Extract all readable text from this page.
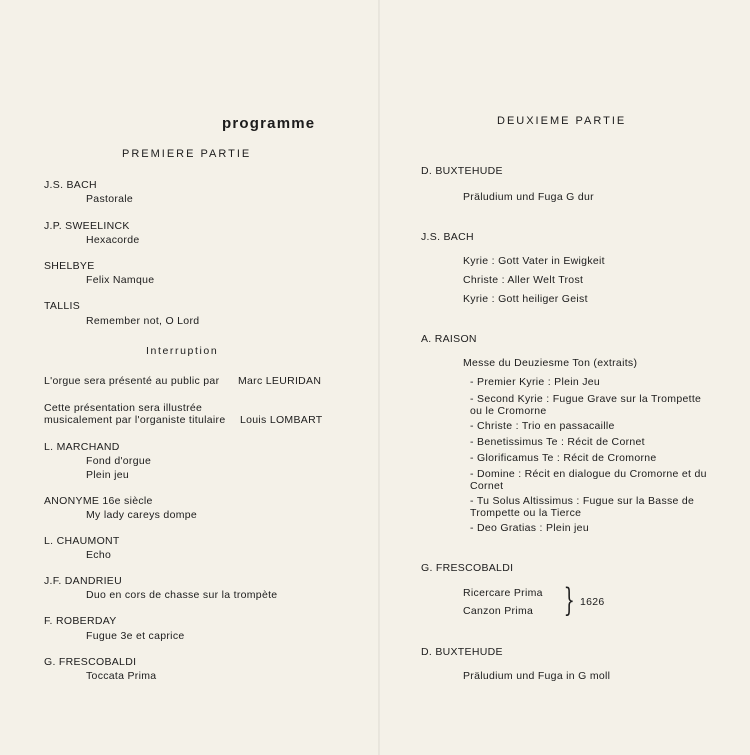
programme
PREMIERE PARTIE
J.S. BACH
Pastorale
J.P. SWEELINCK
Hexacorde
SHELBYE
Felix Namque
TALLIS
Remember not, O Lord
Interruption
L'orgue sera présenté au public par Marc LEURIDAN
Cette présentation sera illustrée
musicalement par l'organiste titulaire Louis LOMBART
L. MARCHAND
Fond d'orgue
Plein jeu
ANONYME 16e siècle
My lady careys dompe
L. CHAUMONT
Echo
J.F. DANDRIEU
Duo en cors de chasse sur la trompète
F. ROBERDAY
Fugue 3e et caprice
G. FRESCOBALDI
Toccata Prima
DEUXIEME PARTIE
D. BUXTEHUDE
Präludium und Fuga G dur
J.S. BACH
Kyrie : Gott Vater in Ewigkeit
Christe : Aller Welt Trost
Kyrie : Gott heiliger Geist
A. RAISON
Messe du Deuziesme Ton (extraits)
- Premier Kyrie : Plein Jeu
- Second Kyrie : Fugue Grave sur la Trompette ou le Cromorne
- Christe : Trio en passacaille
- Benetissimus Te : Récit de Cornet
- Glorificamus Te : Récit de Cromorne
- Domine : Récit en dialogue du Cromorne et du Cornet
- Tu Solus Altissimus : Fugue sur la Basse de Trompette ou la Tierce
- Deo Gratias : Plein jeu
G. FRESCOBALDI
Ricercare Prima
Canzon Prima } 1626
D. BUXTEHUDE
Präludium und Fuga in G moll
